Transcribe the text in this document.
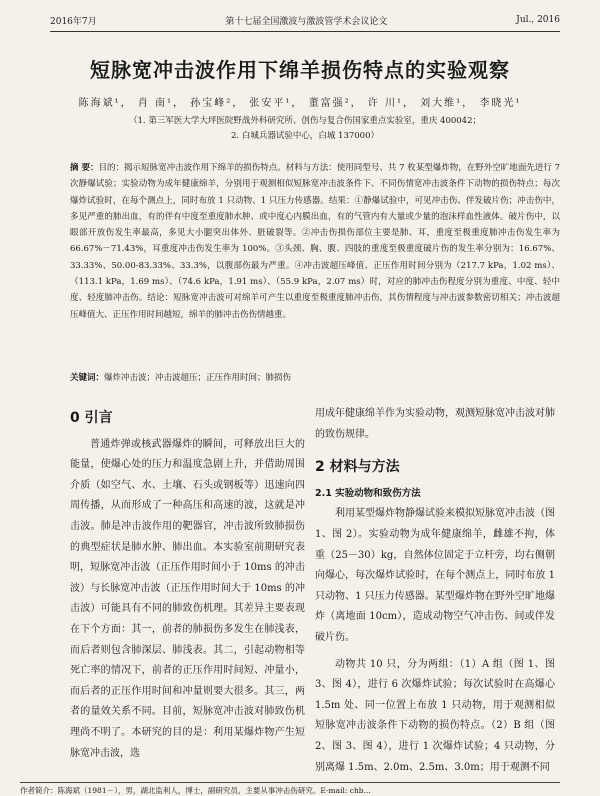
2016年7月	第十七届全国激波与激波管学术会议论文	Jul., 2016
短脉宽冲击波作用下绵羊损伤特点的实验观察
陈海斌¹， 肖 南¹， 孙宝峰²， 张安平¹， 董富强²， 许 川¹， 刘大维¹， 李晓光¹
（1. 第三军医大学大坪医院野战外科研究所、创伤与复合伤国家重点实验室，重庆 400042；
2. 白城兵器试验中心，白城 137000）
摘 要：目的：揭示短脉宽冲击波作用下绵羊的损伤特点。材料与方法：使用同型号、共 7 枚某型爆炸物，在野外空旷地面先进行 7 次静爆试验；实验动物为成年健康绵羊，分别用于观测相似短脉宽冲击波条件下、不同伤情宽冲击波条件下动物的损伤特点；每次爆炸试验时，在每个测点上，同时布放 1 只动物、1 只压力传感器。结果：①静爆试验中，可见冲击伤、伴发破片伤；冲击伤中，多见严重的肺出血，有的伴有中度至重度肺水肿、或中度心内膜出血，有的气管内有大量或少量的泡沫样血性液体。破片伤中，以眼部开放伤发生率最高，多见大小腿突出体外、脏破裂等。②冲击伤损伤部位主要是肺、耳，重度至极重度肺冲击伤发生率为 66.67%－71.43%，耳重度冲击伤发生率为 100%。③头颈、胸、腹、四肢的重度至极重度破片伤的发生率分别为：16.67%、33.33%、50.00-83.33%、33.3%，以腹部伤最为严重。④冲击波超压峰值、正压作用时间分别为（217.7 kPa，1.02 ms）、（113.1 kPa，1.69 ms）、（74.6 kPa，1.91 ms）、（55.9 kPa，2.07 ms）时，对应的肺冲击伤程度分别为重度、中度、轻中度、轻度肺冲击伤。结论：短脉宽冲击波可对绵羊可产生以重度至极重度肺冲击伤，其伤情程度与冲击波参数密切相关；冲击波超压峰值大、正压作用时间越短，绵羊的肺冲击伤伤情越重。
关键词：爆炸冲击波；冲击波超压；正压作用时间；肺损伤
0 引言

普通炸弹或核武器爆炸的瞬间，可释放出巨大的能量，使爆心处的压力和温度急剧上升，并借助周围介质（如空气、水、土壤、石头或钢板等）迅速向四周传播，从而形成了一种高压和高速的波，这就是冲击波。肺是冲击波作用的靶器官，冲击波所致肺损伤的典型症状是肺水肿、肺出血。本实验室前期研究表明，短脉宽冲击波（正压作用时间小于 10ms 的冲击波）与长脉宽冲击波（正压作用时间大于 10ms 的冲击波）可能具有不同的肺致伤机理。其差异主要表现在下个方面：其一，前者的肺损伤多发生在肺浅表，而后者则包含肺深层、肺浅表。其二，引起动物相等死亡率的情况下，前者的正压作用时间短、冲量小，而后者的正压作用时间和冲量则要大很多。其三，两者的量效关系不同。目前，短脉宽冲击波对肺致伤机理尚不明了。本研究的目的是：利用某爆炸物产生短脉宽冲击波，选

用成年健康绵羊作为实验动物，观测短脉宽冲击波对肺的致伤规律。

2 材料与方法
2.1 实验动物和致伤方法

利用某型爆炸物静爆试验来模拟短脉宽冲击波（图 1、图 2）。实验动物为成年健康绵羊，雌雄不拘，体重（25－30）kg，自然体位固定于立杆旁，均右侧朝向爆心，每次爆炸试验时，在每个测点上，同时布放 1 只动物、1 只压力传感器。某型爆炸物在野外空旷地爆炸（离地面 10cm），造成动物空气冲击伤、间或伴发破片伤。

动物共 10 只，分为两组：（1）A 组（图 1、图 3、图 4），进行 6 次爆炸试验；每次试验时在高爆心 1.5m 处、同一位置上布放 1 只动物，用于观测相似短脉宽冲击波条件下动物的损伤特点。（2）B 组（图 2、图 3、图 4），进行 1 次爆炸试验；4 只动物，分别离爆 1.5m、2.0m、2.5m、3.0m；用于观测不同

作者简介：陈海斌（1981－），男，湖北监利人，博士，副研究员，主要从事冲击伤研究。E-mail: chb...
